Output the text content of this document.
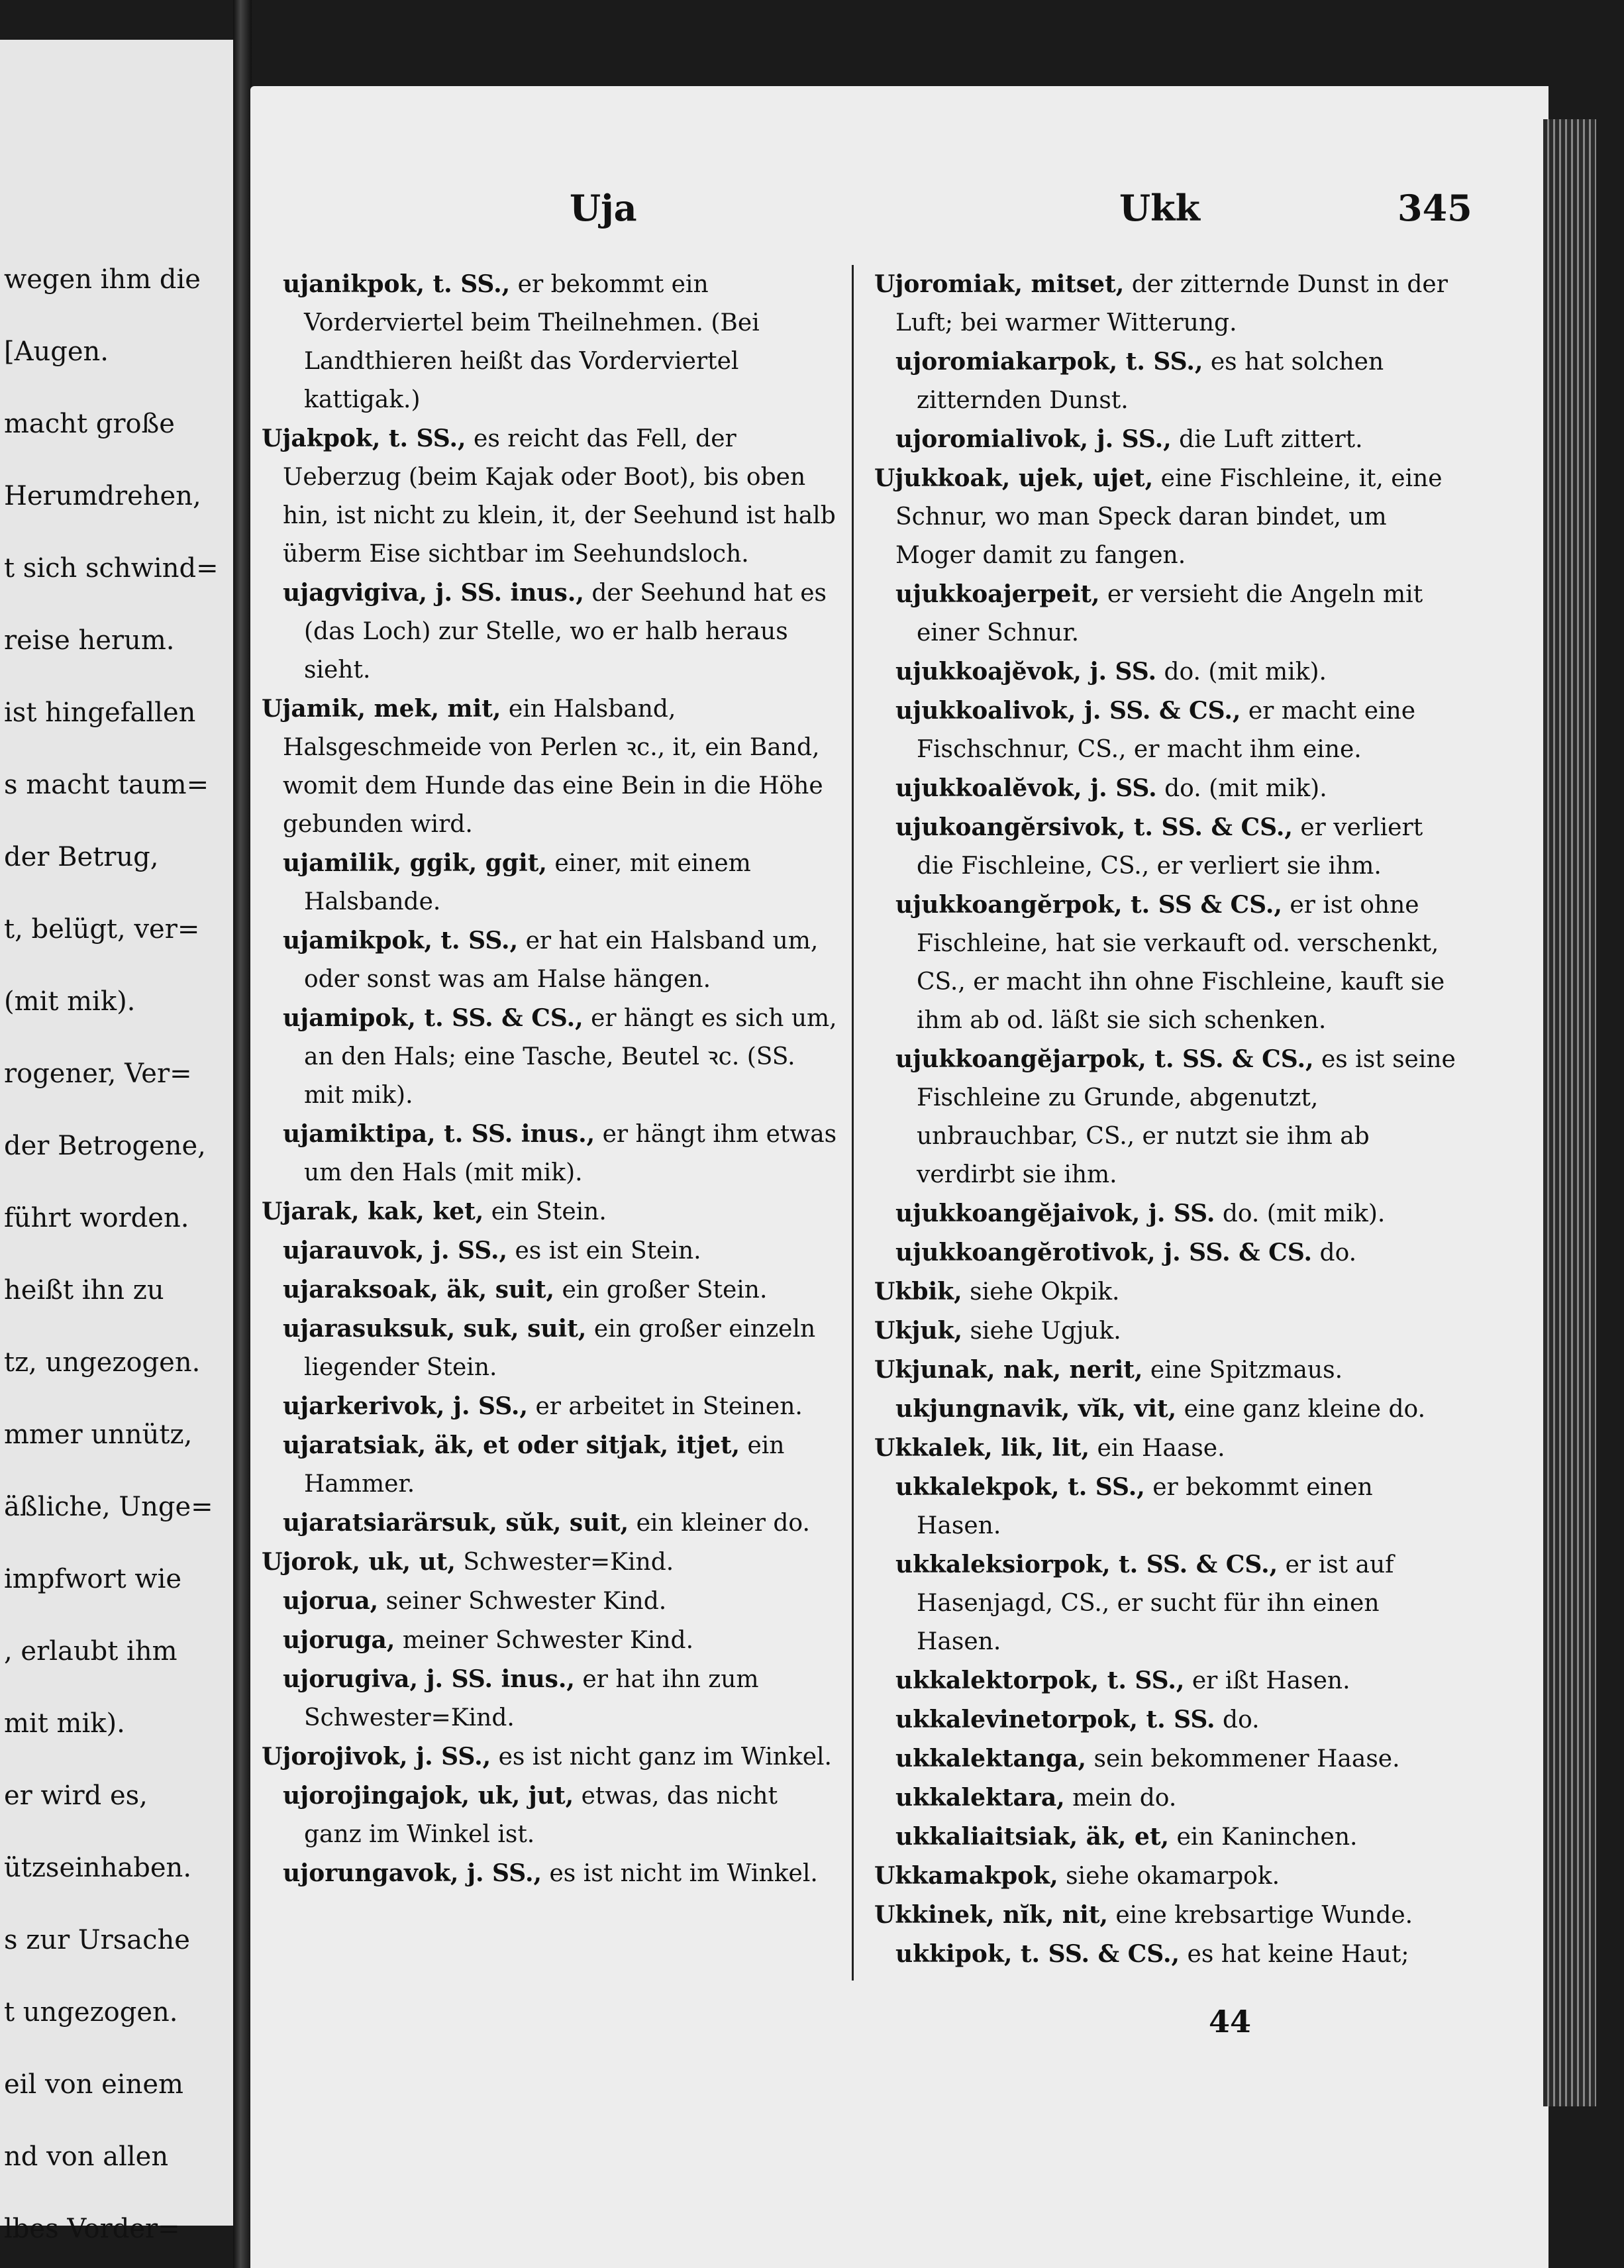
wegen ihm die
[Augen.
macht große
Herumdrehen,
t sich schwind=
reise herum.
ist hingefallen
s macht taum=
der Betrug,
t, belügt, ver=
(mit mik).
rogener, Ver=
der Betrogene,
führt worden.
heißt ihn zu
tz, ungezogen.
mmer unnütz,
äßliche, Unge=
impfwort wie
, erlaubt ihm
mit mik).
er wird es,
ützseinhaben.
s zur Ursache
t ungezogen.
eil von einem
nd von allen
lbes Vorder=
Uja	Ukk	345
ujanikpok, t. SS., er bekommt ein Vorderviertel beim Theilnehmen. (Bei Landthieren heißt das Vorderviertel kattigak.)
Ujakpok, t. SS., es reicht das Fell, der Ueberzug (beim Kajak oder Boot), bis oben hin, ist nicht zu klein, it, der Seehund ist halb überm Eise sichtbar im Seehundsloch.
ujagvigiva, j. SS. inus., der Seehund hat es (das Loch) zur Stelle, wo er halb heraus sieht.
Ujamik, mek, mit, ein Halsband, Halsgeschmeide von Perlen ꝛc., it, ein Band, womit dem Hunde das eine Bein in die Höhe gebunden wird.
ujamilik, ggik, ggit, einer, mit einem Halsbande.
ujamikpok, t. SS., er hat ein Halsband um, oder sonst was am Halse hängen.
ujamipok, t. SS. & CS., er hängt es sich um, an den Hals; eine Tasche, Beutel ꝛc. (SS. mit mik).
ujamiktipa, t. SS. inus., er hängt ihm etwas um den Hals (mit mik).
Ujarak, kak, ket, ein Stein.
ujarauvok, j. SS., es ist ein Stein.
ujaraksoak, äk, suit, ein großer Stein.
ujarasuksuk, suk, suit, ein großer einzeln liegender Stein.
ujarkerivok, j. SS., er arbeitet in Steinen.
ujaratsiak, äk, et oder sitjak, itjet, ein Hammer.
ujaratsiarärsuk, sŭk, suit, ein kleiner do.
Ujorok, uk, ut, Schwester=Kind.
ujorua, seiner Schwester Kind.
ujoruga, meiner Schwester Kind.
ujorugiva, j. SS. inus., er hat ihn zum Schwester=Kind.
Ujorojivok, j. SS., es ist nicht ganz im Winkel.
ujorojingajok, uk, jut, etwas, das nicht ganz im Winkel ist.
ujorungavok, j. SS., es ist nicht im Winkel.
Ujoromiak, mitset, der zitternde Dunst in der Luft; bei warmer Witterung.
ujoromiakarpok, t. SS., es hat solchen zitternden Dunst.
ujoromialivok, j. SS., die Luft zittert.
Ujukkoak, ujek, ujet, eine Fischleine, it, eine Schnur, wo man Speck daran bindet, um Moger damit zu fangen.
ujukkoajerpeit, er versieht die Angeln mit einer Schnur.
ujukkoajĕvok, j. SS. do. (mit mik).
ujukkoalivok, j. SS. & CS., er macht eine Fischschnur, CS., er macht ihm eine.
ujukkoalĕvok, j. SS. do. (mit mik).
ujukoangĕrsivok, t. SS. & CS., er verliert die Fischleine, CS., er verliert sie ihm.
ujukkoangĕrpok, t. SS & CS., er ist ohne Fischleine, hat sie verkauft od. verschenkt, CS., er macht ihn ohne Fischleine, kauft sie ihm ab od. läßt sie sich schenken.
ujukkoangĕjarpok, t. SS. & CS., es ist seine Fischleine zu Grunde, abgenutzt, unbrauchbar, CS., er nutzt sie ihm ab verdirbt sie ihm.
ujukkoangĕjaivok, j. SS. do. (mit mik).
ujukkoangĕrotivok, j. SS. & CS. do.
Ukbik, siehe Okpik.
Ukjuk, siehe Ugjuk.
Ukjunak, nak, nerit, eine Spitzmaus.
ukjungnavik, vĭk, vit, eine ganz kleine do.
Ukkalek, lik, lit, ein Haase.
ukkalekpok, t. SS., er bekommt einen Hasen.
ukkaleksiorpok, t. SS. & CS., er ist auf Hasenjagd, CS., er sucht für ihn einen Hasen.
ukkalektorpok, t. SS., er ißt Hasen.
ukkalevinetorpok, t. SS. do.
ukkalektanga, sein bekommener Haase.
ukkalektara, mein do.
ukkaliaitsiak, äk, et, ein Kaninchen.
Ukkamakpok, siehe okamarpok.
Ukkinek, nĭk, nit, eine krebsartige Wunde.
ukkipok, t. SS. & CS., es hat keine Haut;
44
